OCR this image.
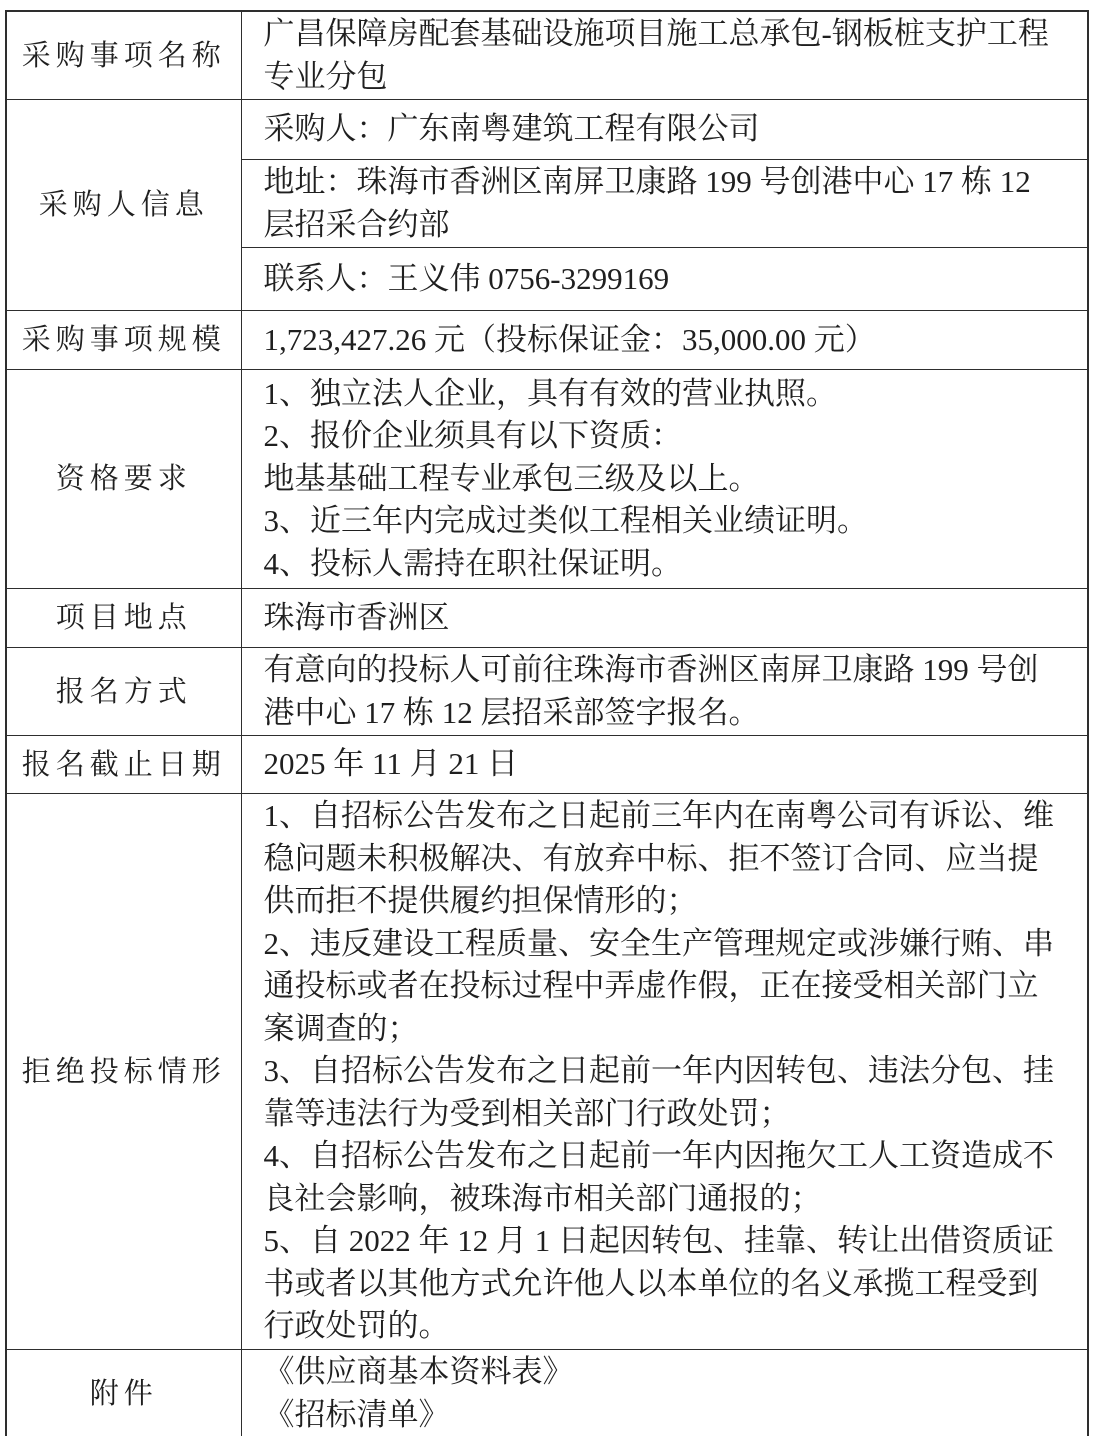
采购事项名称	广昌保障房配套基础设施项目施工总承包-钢板桩支护工程专业分包
采购人信息	采购人：广东南粤建筑工程有限公司
	地址：珠海市香洲区南屏卫康路 199 号创港中心 17 栋 12 层招采合约部
	联系人：王义伟 0756-3299169
采购事项规模	1,723,427.26 元（投标保证金：35,000.00 元）
资格要求	1、独立法人企业，具有有效的营业执照。
2、报价企业须具有以下资质：
地基基础工程专业承包三级及以上。
3、近三年内完成过类似工程相关业绩证明。
4、投标人需持在职社保证明。

项目地点	珠海市香洲区
报名方式	有意向的投标人可前往珠海市香洲区南屏卫康路 199 号创港中心 17 栋 12 层招采部签字报名。
报名截止日期	2025 年 11 月 21 日
拒绝投标情形	1、自招标公告发布之日起前三年内在南粤公司有诉讼、维稳问题未积极解决、有放弃中标、拒不签订合同、应当提供而拒不提供履约担保情形的；
2、违反建设工程质量、安全生产管理规定或涉嫌行贿、串通投标或者在投标过程中弄虚作假，正在接受相关部门立案调查的；
3、自招标公告发布之日起前一年内因转包、违法分包、挂靠等违法行为受到相关部门行政处罚；
4、自招标公告发布之日起前一年内因拖欠工人工资造成不良社会影响，被珠海市相关部门通报的；
5、自 2022 年 12 月 1 日起因转包、挂靠、转让出借资质证书或者以其他方式允许他人以本单位的名义承揽工程受到行政处罚的。

附件	《供应商基本资料表》
《招标清单》
